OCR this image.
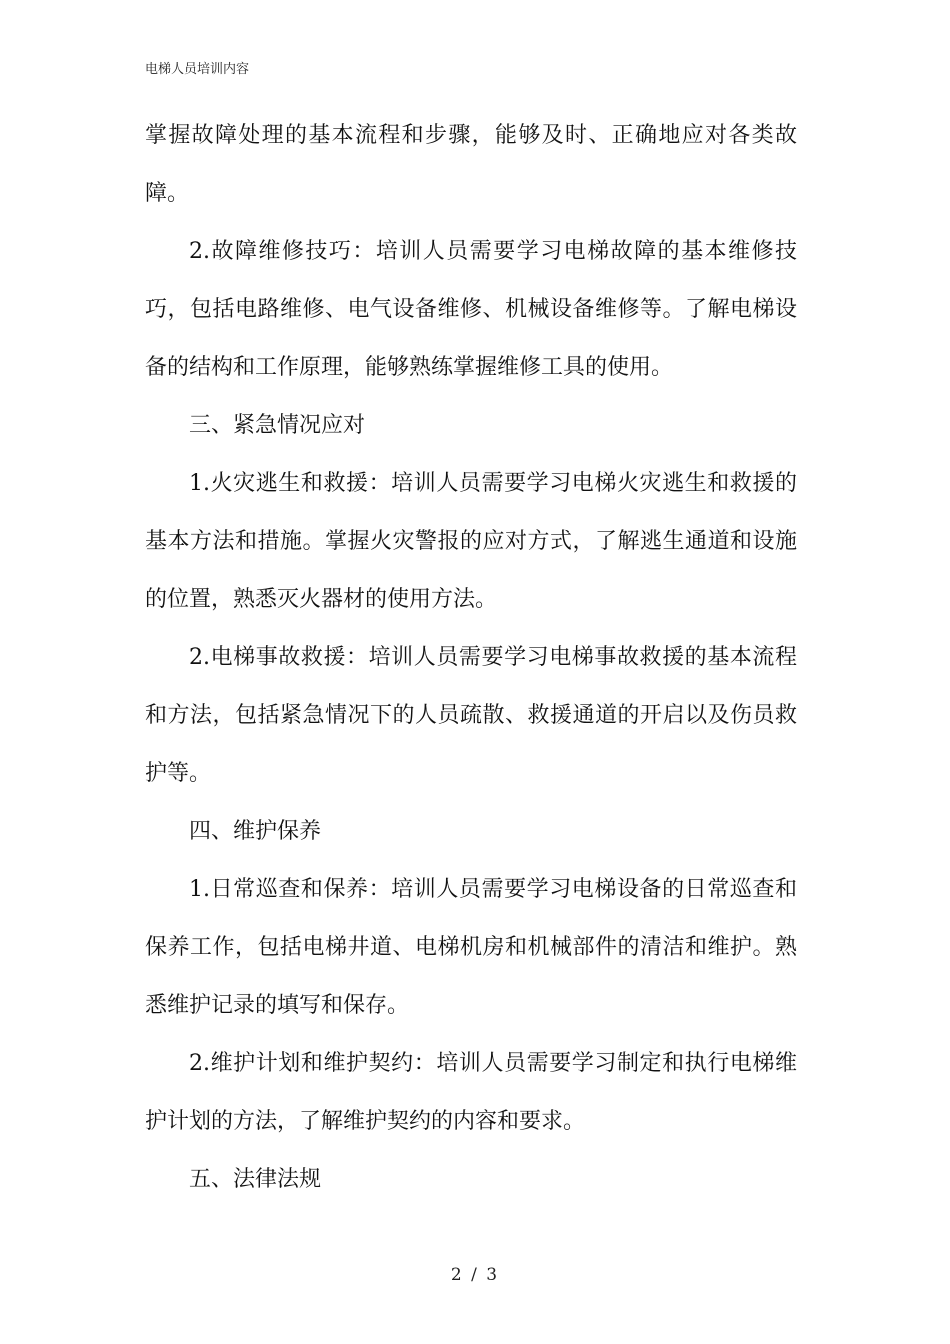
电梯人员培训内容

掌握故障处理的基本流程和步骤，能够及时、正确地应对各类故障。

2.故障维修技巧：培训人员需要学习电梯故障的基本维修技巧，包括电路维修、电气设备维修、机械设备维修等。了解电梯设备的结构和工作原理，能够熟练掌握维修工具的使用。

三、紧急情况应对

1.火灾逃生和救援：培训人员需要学习电梯火灾逃生和救援的基本方法和措施。掌握火灾警报的应对方式，了解逃生通道和设施的位置，熟悉灭火器材的使用方法。

2.电梯事故救援：培训人员需要学习电梯事故救援的基本流程和方法，包括紧急情况下的人员疏散、救援通道的开启以及伤员救护等。

四、维护保养

1.日常巡查和保养：培训人员需要学习电梯设备的日常巡查和保养工作，包括电梯井道、电梯机房和机械部件的清洁和维护。熟悉维护记录的填写和保存。

2.维护计划和维护契约：培训人员需要学习制定和执行电梯维护计划的方法，了解维护契约的内容和要求。

五、法律法规

2 / 3
